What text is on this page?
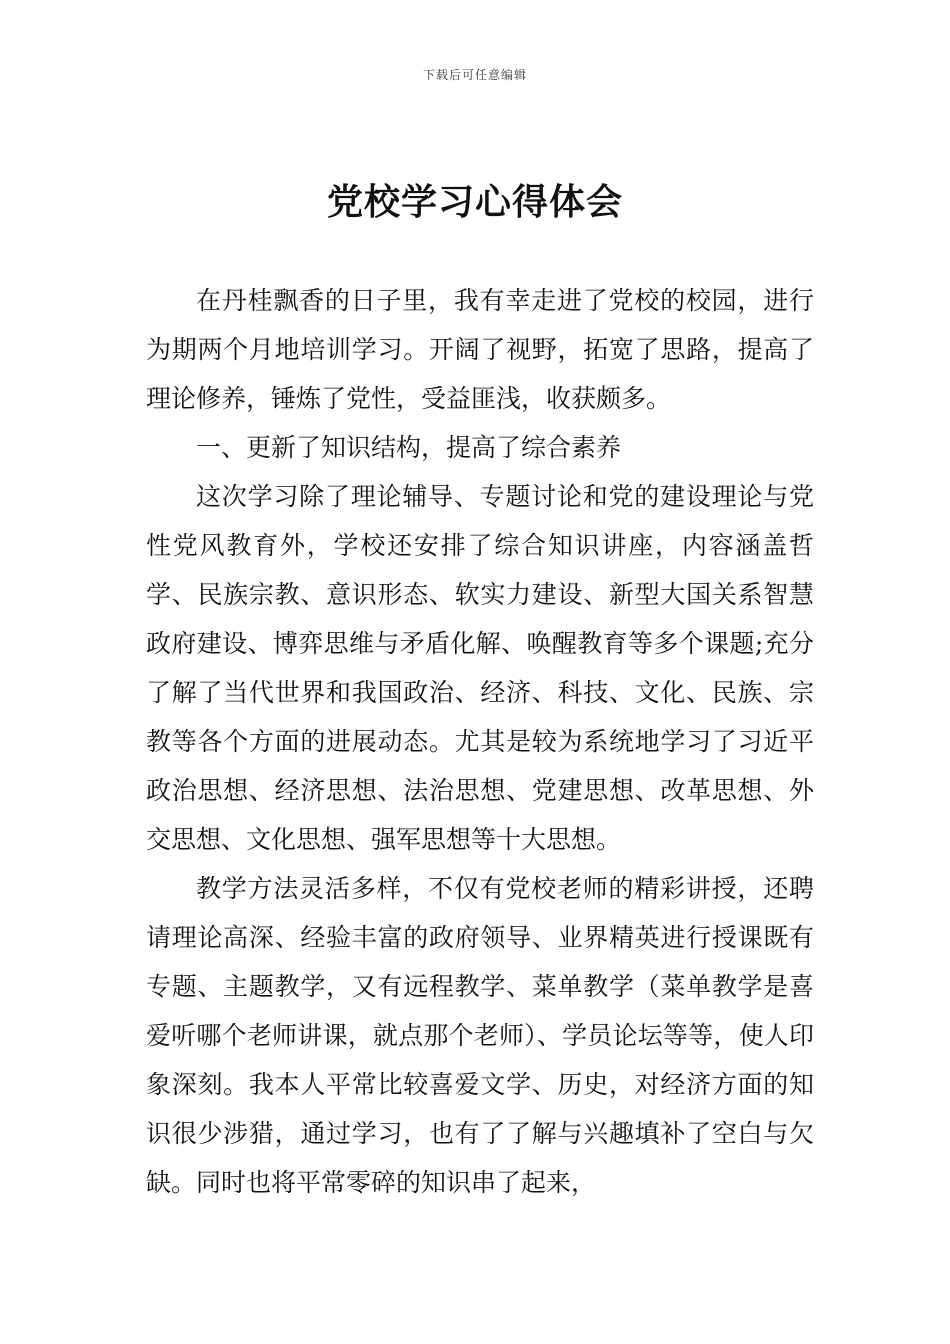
下载后可任意编辑
党校学习心得体会

在丹桂飘香的日子里，我有幸走进了党校的校园，进行为期两个月地培训学习。开阔了视野，拓宽了思路，提高了理论修养，锤炼了党性，受益匪浅，收获颇多。

一、更新了知识结构，提高了综合素养

这次学习除了理论辅导、专题讨论和党的建设理论与党性党风教育外，学校还安排了综合知识讲座，内容涵盖哲学、民族宗教、意识形态、软实力建设、新型大国关系智慧政府建设、博弈思维与矛盾化解、唤醒教育等多个课题;充分了解了当代世界和我国政治、经济、科技、文化、民族、宗教等各个方面的进展动态。尤其是较为系统地学习了习近平政治思想、经济思想、法治思想、党建思想、改革思想、外交思想、文化思想、强军思想等十大思想。

教学方法灵活多样，不仅有党校老师的精彩讲授，还聘请理论高深、经验丰富的政府领导、业界精英进行授课既有专题、主题教学，又有远程教学、菜单教学（菜单教学是喜爱听哪个老师讲课，就点那个老师）、学员论坛等等，使人印象深刻。我本人平常比较喜爱文学、历史，对经济方面的知识很少涉猎，通过学习，也有了了解与兴趣填补了空白与欠缺。同时也将平常零碎的知识串了起来，
